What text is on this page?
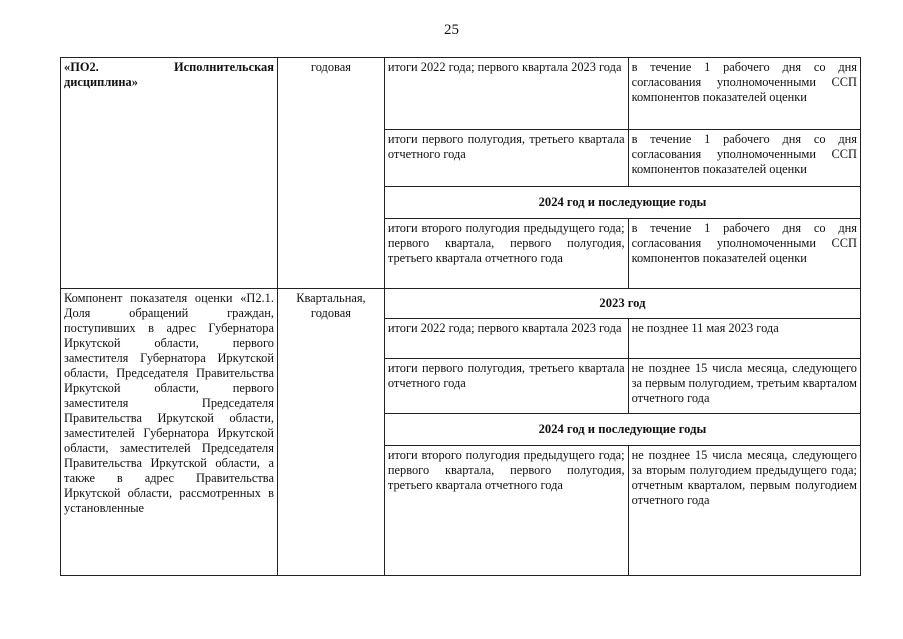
25
«ПО2. Исполнительская дисциплина»	годовая	итоги 2022 года; первого квартала 2023 года	в течение 1 рабочего дня со дня согласования уполномоченными ССП компонентов показателей оценки
		итоги первого полугодия, третьего квартала отчетного года	в течение 1 рабочего дня со дня согласования уполномоченными ССП компонентов показателей оценки
		2024 год и последующие годы	
		итоги второго полугодия предыдущего года; первого квартала, первого полугодия, третьего квартала отчетного года	в течение 1 рабочего дня со дня согласования уполномоченными ССП компонентов показателей оценки
Компонент показателя оценки «П2.1. Доля обращений граждан, поступивших в адрес Губернатора Иркутской области, первого заместителя Губернатора Иркутской области, Председателя Правительства Иркутской области, первого заместителя Председателя Правительства Иркутской области, заместителей Губернатора Иркутской области, заместителей Председателя Правительства Иркутской области, а также в адрес Правительства Иркутской области, рассмотренных в установленные	Квартальная, годовая	2023 год	
		итоги 2022 года; первого квартала 2023 года	не позднее 11 мая 2023 года
		итоги первого полугодия, третьего квартала отчетного года	не позднее 15 числа месяца, следующего за первым полугодием, третьим кварталом отчетного года
		2024 год и последующие годы	
		итоги второго полугодия предыдущего года; первого квартала, первого полугодия, третьего квартала отчетного года	не позднее 15 числа месяца, следующего за вторым полугодием предыдущего года; отчетным кварталом, первым полугодием отчетного года
